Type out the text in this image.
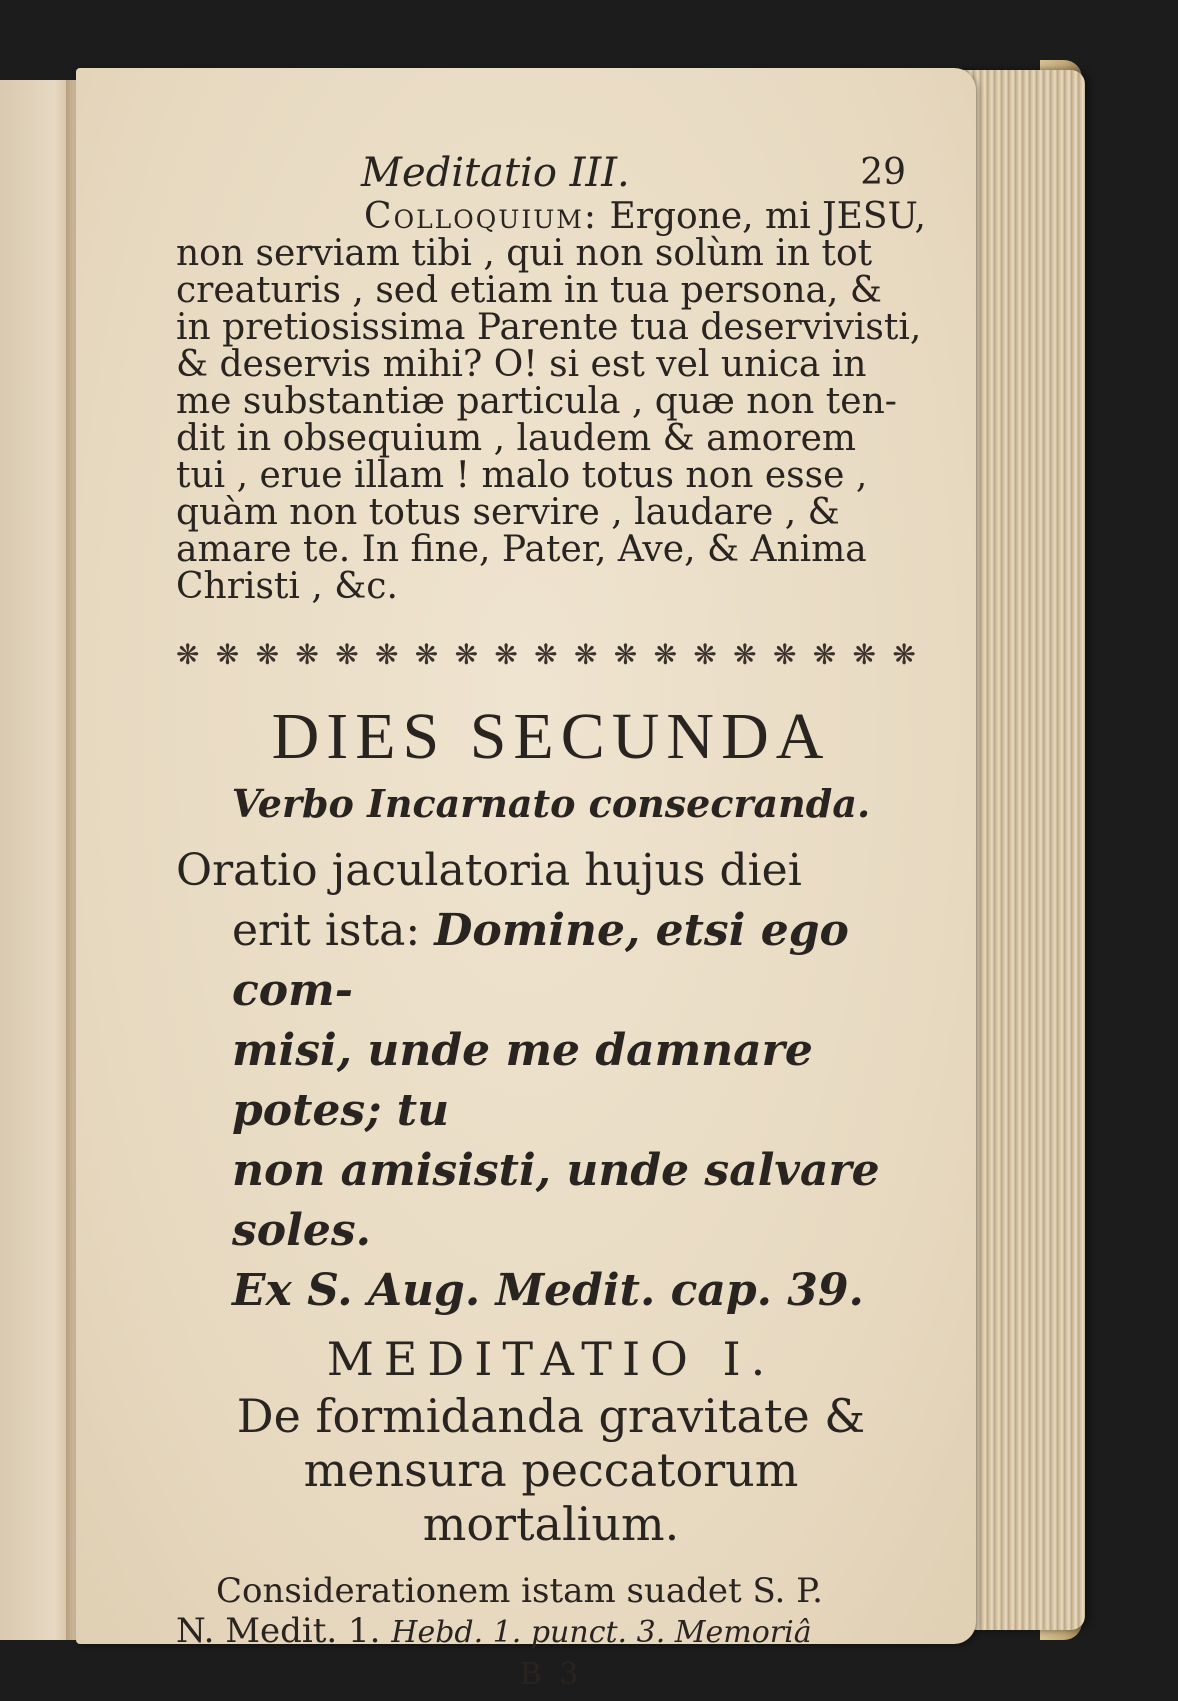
Meditatio III.	29

Colloquium: Ergone, mi JESU,

non serviam tibi , qui non solùm in tot

creaturis , sed etiam in tua persona, &

in pretiosissima Parente tua deservivisti,

& deservis mihi? O! si est vel unica in

me substantiæ particula , quæ non ten-

dit in obsequium , laudem & amorem

tui , erue illam ! malo totus non esse ,

quàm non totus servire , laudare , &

amare te. In fine, Pater, Ave, & Anima

Christi , &c.

❋ ❋ ❋ ❋ ❋ ❋ ❋ ❋ ❋ ❋ ❋ ❋ ❋ ❋ ❋ ❋ ❋ ❋ ❋
DIES SECUNDA
Verbo Incarnato consecranda.
Oratio jaculatoria hujus diei
erit ista: Domine, etsi ego com-
misi, unde me damnare potes; tu
non amisisti, unde salvare soles.
Ex S. Aug. Medit. cap. 39.
MEDITATIO I.
De formidanda gravitate &
mensura peccatorum
mortalium.
Considerationem istam suadet S. P.
N. Medit. 1. Hebd. 1. punct. 3. Memoriâ
B 3
